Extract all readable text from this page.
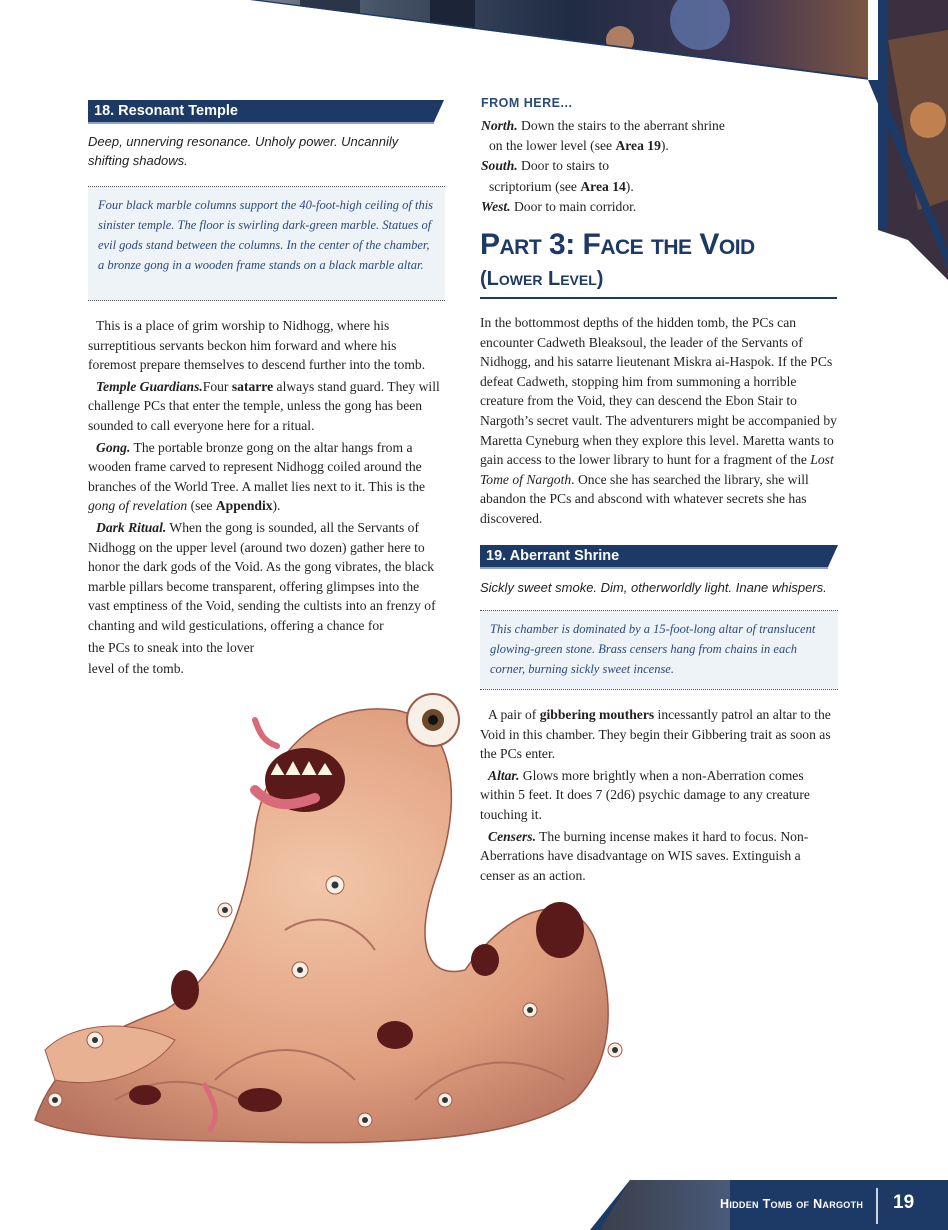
18. Resonant Temple
Deep, unnerving resonance. Unholy power. Uncannily shifting shadows.
Four black marble columns support the 40-foot-high ceiling of this sinister temple. The floor is swirling dark-green marble. Statues of evil gods stand between the columns. In the center of the chamber, a bronze gong in a wooden frame stands on a black marble altar.

This is a place of grim worship to Nidhogg, where his surreptitious servants beckon him forward and where his foremost prepare themselves to descend further into the tomb.

Temple Guardians.Four satarre always stand guard. They will challenge PCs that enter the temple, unless the gong has been sounded to call everyone here for a ritual.

Gong. The portable bronze gong on the altar hangs from a wooden frame carved to represent Nidhogg coiled around the branches of the World Tree. A mallet lies next to it. This is the gong of revelation (see Appendix).

Dark Ritual. When the gong is sounded, all the Servants of Nidhogg on the upper level (around two dozen) gather here to honor the dark gods of the Void. As the gong vibrates, the black marble pillars become transparent, offering glimpses into the vast emptiness of the Void, sending the cultists into an frenzy of chanting and wild gesticulations, offering a chance for

the PCs to sneak into the lover

level of the tomb.

FROM HERE...
North. Down the stairs to the aberrant shrine
on the lower level (see Area 19).
South. Door to stairs to
scriptorium (see Area 14).
West. Door to main corridor.
Part 3: Face the Void
(Lower Level)

In the bottommost depths of the hidden tomb, the PCs can encounter Cadweth Bleaksoul, the leader of the Servants of Nidhogg, and his satarre lieutenant Miskra ai-Haspok. If the PCs defeat Cadweth, stopping him from summoning a horrible creature from the Void, they can descend the Ebon Stair to Nargoth’s secret vault. The adventurers might be accompanied by Maretta Cyneburg when they explore this level. Maretta wants to gain access to the lower library to hunt for a fragment of the Lost Tome of Nargoth. Once she has searched the library, she will abandon the PCs and abscond with whatever secrets she has discovered.

19. Aberrant Shrine
Sickly sweet smoke. Dim, otherworldly light. Inane whispers.
This chamber is dominated by a 15-foot-long altar of translucent glowing-green stone. Brass censers hang from chains in each corner, burning sickly sweet incense.

A pair of gibbering mouthers incessantly patrol an altar to the Void in this chamber. They begin their Gibbering trait as soon as the PCs enter.

Altar. Glows more brightly when a non-Aberration comes within 5 feet. It does 7 (2d6) psychic damage to any creature touching it.

Censers. The burning incense makes it hard to focus. Non-Aberrations have disadvantage on WIS saves. Extinguish a censer as an action.

Hidden Tomb of Nargoth 19
